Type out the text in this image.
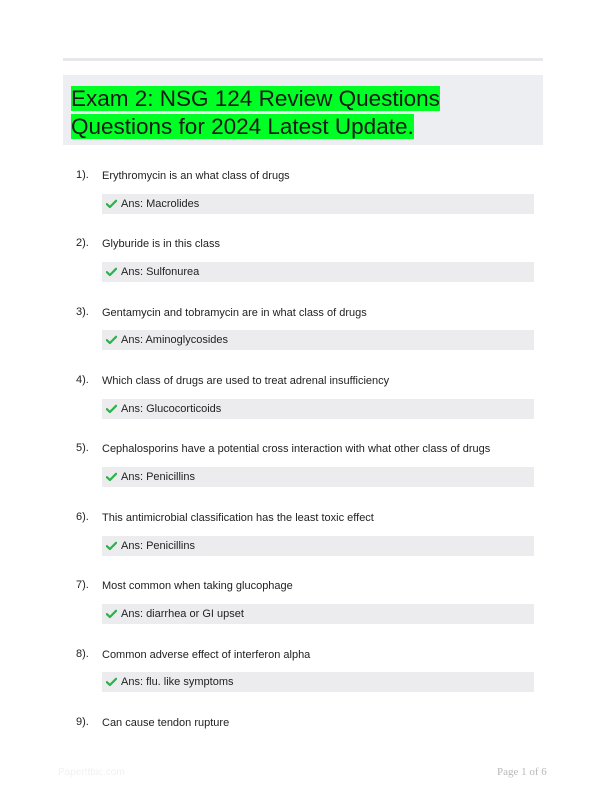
Exam 2: NSG 124 Review Questions Questions for 2024 Latest Update.
1). Erythromycin is an what class of drugs
Ans: Macrolides
2). Glyburide is in this class
Ans: Sulfonurea
3). Gentamycin and tobramycin are in what class of drugs
Ans: Aminoglycosides
4). Which class of drugs are used to treat adrenal insufficiency
Ans: Glucocorticoids
5). Cephalosporins have a potential cross interaction with what other class of drugs
Ans: Penicillins
6). This antimicrobial classification has the least toxic effect
Ans: Penicillins
7). Most common when taking glucophage
Ans: diarrhea or GI upset
8). Common adverse effect of interferon alpha
Ans: flu. like symptoms
9). Can cause tendon rupture
Paperttbic.com	Page 1 of 6
